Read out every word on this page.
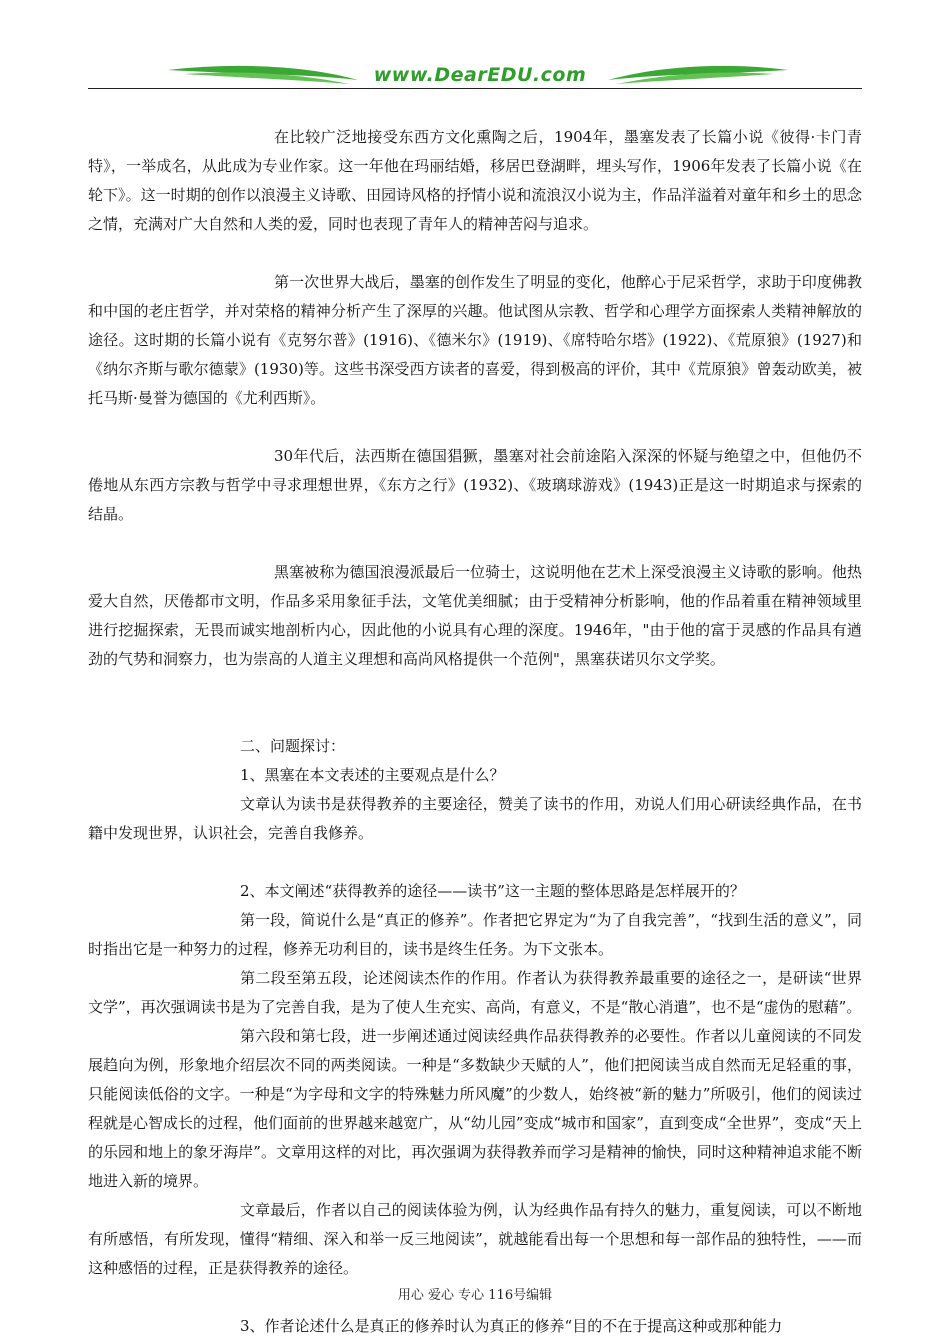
www.DearEDU.com
在比较广泛地接受东西方文化熏陶之后，1904年，墨塞发表了长篇小说《彼得·卡门青特》，一举成名，从此成为专业作家。这一年他在玛丽结婚，移居巴登湖畔，埋头写作，1906年发表了长篇小说《在轮下》。这一时期的创作以浪漫主义诗歌、田园诗风格的抒情小说和流浪汉小说为主，作品洋溢着对童年和乡土的思念之情，充满对广大自然和人类的爱，同时也表现了青年人的精神苦闷与追求。
第一次世界大战后，墨塞的创作发生了明显的变化，他醉心于尼采哲学，求助于印度佛教和中国的老庄哲学，并对荣格的精神分析产生了深厚的兴趣。他试图从宗教、哲学和心理学方面探索人类精神解放的途径。这时期的长篇小说有《克努尔普》(1916)、《德米尔》(1919)、《席特哈尔塔》(1922)、《荒原狼》(1927)和《纳尔齐斯与歌尔德蒙》(1930)等。这些书深受西方读者的喜爱，得到极高的评价，其中《荒原狼》曾轰动欧美，被托马斯·曼誉为德国的《尤利西斯》。
30年代后，法西斯在德国猖獗，墨塞对社会前途陷入深深的怀疑与绝望之中，但他仍不倦地从东西方宗教与哲学中寻求理想世界，《东方之行》(1932)、《玻璃球游戏》(1943)正是这一时期追求与探索的结晶。
黑塞被称为德国浪漫派最后一位骑士，这说明他在艺术上深受浪漫主义诗歌的影响。他热爱大自然，厌倦都市文明，作品多采用象征手法，文笔优美细腻；由于受精神分析影响，他的作品着重在精神领域里进行挖掘探索，无畏而诚实地剖析内心，因此他的小说具有心理的深度。1946年，"由于他的富于灵感的作品具有遒劲的气势和洞察力，也为崇高的人道主义理想和高尚风格提供一个范例"，黑塞获诺贝尔文学奖。
二、问题探讨：
1、黑塞在本文表述的主要观点是什么？
文章认为读书是获得教养的主要途径，赞美了读书的作用，劝说人们用心研读经典作品，在书籍中发现世界，认识社会，完善自我修养。
2、本文阐述“获得教养的途径——读书”这一主题的整体思路是怎样展开的？
第一段，简说什么是“真正的修养”。作者把它界定为“为了自我完善”，“找到生活的意义”，同时指出它是一种努力的过程，修养无功利目的，读书是终生任务。为下文张本。
第二段至第五段，论述阅读杰作的作用。作者认为获得教养最重要的途径之一，是研读“世界文学”，再次强调读书是为了完善自我，是为了使人生充实、高尚，有意义，不是“散心消遣”，也不是“虚伪的慰藉”。
第六段和第七段，进一步阐述通过阅读经典作品获得教养的必要性。作者以儿童阅读的不同发展趋向为例，形象地介绍层次不同的两类阅读。一种是“多数缺少天赋的人”，他们把阅读当成自然而无足轻重的事，只能阅读低俗的文字。一种是“为字母和文字的特殊魅力所风魔”的少数人，始终被“新的魅力”所吸引，他们的阅读过程就是心智成长的过程，他们面前的世界越来越宽广，从“幼儿园”变成“城市和国家”，直到变成“全世界”，变成“天上的乐园和地上的象牙海岸”。文章用这样的对比，再次强调为获得教养而学习是精神的愉快，同时这种精神追求能不断地进入新的境界。
文章最后，作者以自己的阅读体验为例，认为经典作品有持久的魅力，重复阅读，可以不断地有所感悟，有所发现，懂得“精细、深入和举一反三地阅读”，就越能看出每一个思想和每一部作品的独特性，——而这种感悟的过程，正是获得教养的途径。
3、作者论述什么是真正的修养时认为真正的修养“目的不在于提高这种或那种能力
用心 爱心 专心 116号编辑
